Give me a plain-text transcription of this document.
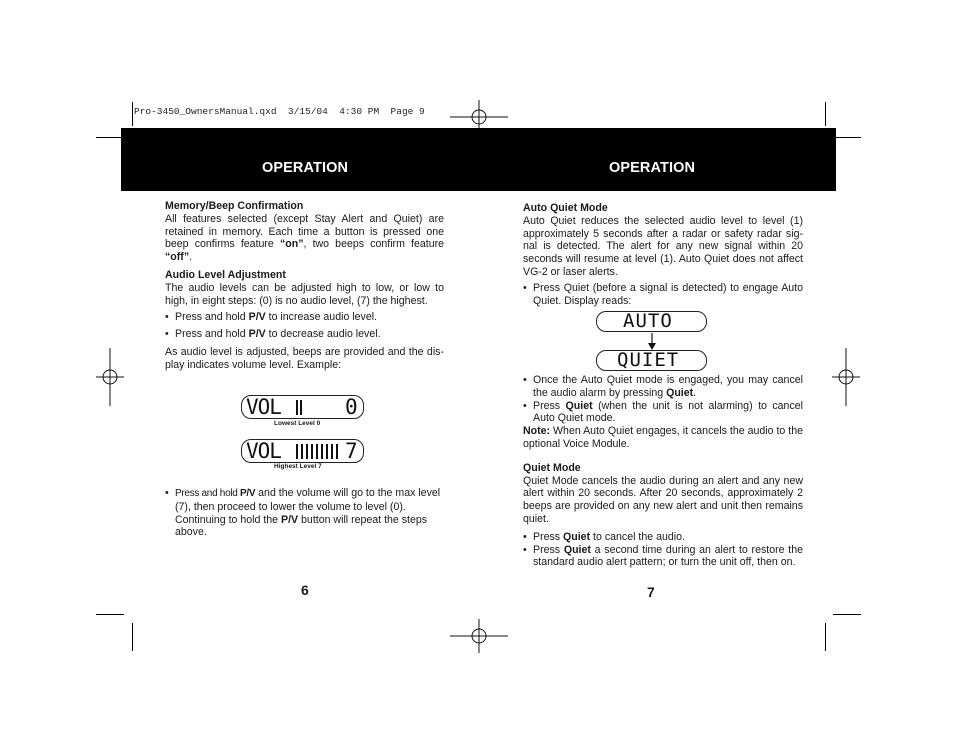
Pro-3450_OwnersManual.qxd  3/15/04  4:30 PM  Page 9
OPERATION	OPERATION

Memory/Beep Confirmation

All features selected (except Stay Alert and Quiet) are retained in memory. Each time a button is pressed one beep confirms feature “on”, two beeps confirm feature “off”.

Audio Level Adjustment

The audio levels can be adjusted high to low, or low to high, in eight steps: (0) is no audio level, (7) the highest.

• Press and hold P/V to increase audio level.

• Press and hold P/V to decrease audio level.

As audio level is adjusted, beeps are provided and the dis-play indicates volume level. Example:

VOL	0
Lowest Level 0
VOL	7
Highest Level 7

• Press and hold P/V and the volume will go to the max level (7), then proceed to lower the volume to level (0). Continuing to hold the P/V button will repeat the steps above.

6

Auto Quiet Mode

Auto Quiet reduces the selected audio level to level (1) approximately 5 seconds after a radar or safety radar sig-nal is detected. The alert for any new signal within 20 seconds will resume at level (1). Auto Quiet does not affect VG-2 or laser alerts.

• Press Quiet (before a signal is detected) to engage Auto Quiet. Display reads:

AUTO
QUIET

• Once the Auto Quiet mode is engaged, you may cancel the audio alarm by pressing Quiet.

• Press Quiet (when the unit is not alarming) to cancel Auto Quiet mode.

Note: When Auto Quiet engages, it cancels the audio to the optional Voice Module.

Quiet Mode

Quiet Mode cancels the audio during an alert and any new alert within 20 seconds. After 20 seconds, approximately 2 beeps are provided on any new alert and unit then remains quiet.

• Press Quiet to cancel the audio.

• Press Quiet a second time during an alert to restore the standard audio alert pattern; or turn the unit off, then on.

7
